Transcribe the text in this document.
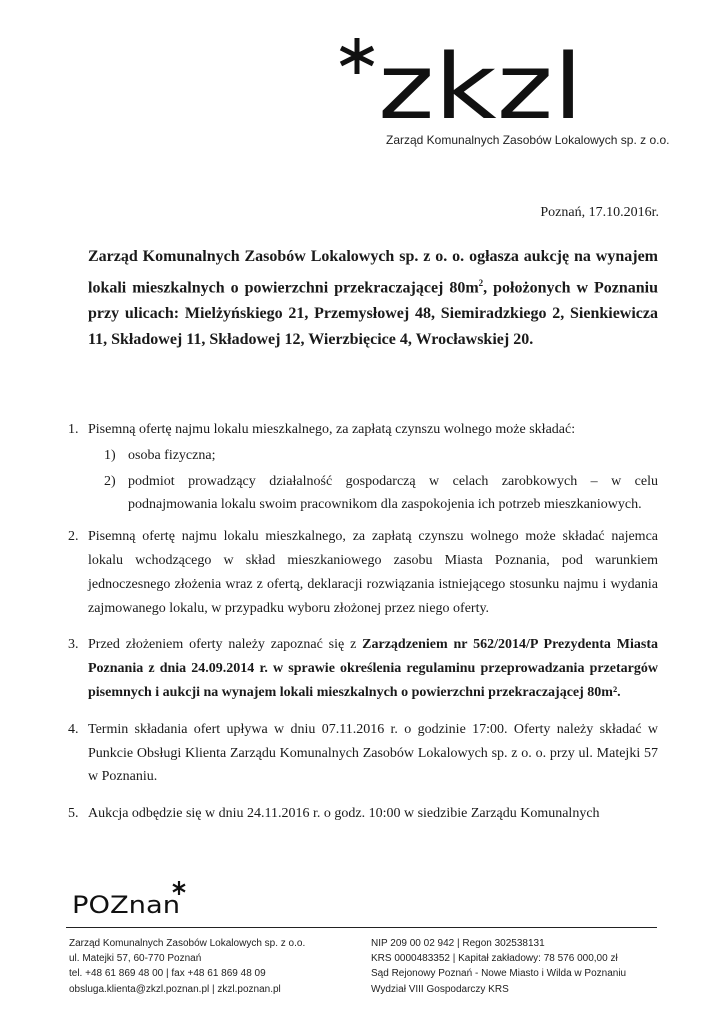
zkzl
Zarząd Komunalnych Zasobów Lokalowych sp. z o.o.
Poznań, 17.10.2016r.

Zarząd Komunalnych Zasobów Lokalowych sp. z o. o. ogłasza aukcję na wynajem lokali mieszkalnych o powierzchni przekraczającej $80m^2$, położonych w Poznaniu przy ulicach: Mielżyńskiego 21, Przemysłowej 48, Siemiradzkiego 2, Sienkiewicza 11, Składowej 11, Składowej 12, Wierzbięcice 4, Wrocławskiej 20.

1. Pisemną ofertę najmu lokalu mieszkalnego, za zapłatą czynszu wolnego może składać:
1) osoba fizyczna;
2) podmiot prowadzący działalność gospodarczą w celach zarobkowych – w celu podnajmowania lokalu swoim pracownikom dla zaspokojenia ich potrzeb mieszkaniowych.
2. Pisemną ofertę najmu lokalu mieszkalnego, za zapłatą czynszu wolnego może składać najemca lokalu wchodzącego w skład mieszkaniowego zasobu Miasta Poznania, pod warunkiem jednoczesnego złożenia wraz z ofertą, deklaracji rozwiązania istniejącego stosunku najmu i wydania zajmowanego lokalu, w przypadku wyboru złożonej przez niego oferty.
3. Przed złożeniem oferty należy zapoznać się z Zarządzeniem nr 562/2014/P Prezydenta Miasta Poznania z dnia 24.09.2014 r. w sprawie określenia regulaminu przeprowadzania przetargów pisemnych i aukcji na wynajem lokali mieszkalnych o powierzchni przekraczającej 80m².
4. Termin składania ofert upływa w dniu 07.11.2016 r. o godzinie 17:00. Oferty należy składać w Punkcie Obsługi Klienta Zarządu Komunalnych Zasobów Lokalowych sp. z o. o. przy ul. Matejki 57 w Poznaniu.
5. Aukcja odbędzie się w dniu 24.11.2016 r. o godz. 10:00 w siedzibie Zarządu Komunalnych
POZnan
Zarząd Komunalnych Zasobów Lokalowych sp. z o.o.
ul. Matejki 57, 60-770 Poznań
tel. +48 61 869 48 00 | fax +48 61 869 48 09
obsluga.klienta@zkzl.poznan.pl | zkzl.poznan.pl
NIP 209 00 02 942 | Regon 302538131
KRS 0000483352 | Kapitał zakładowy: 78 576 000,00 zł
Sąd Rejonowy Poznań - Nowe Miasto i Wilda w Poznaniu
Wydział VIII Gospodarczy KRS
